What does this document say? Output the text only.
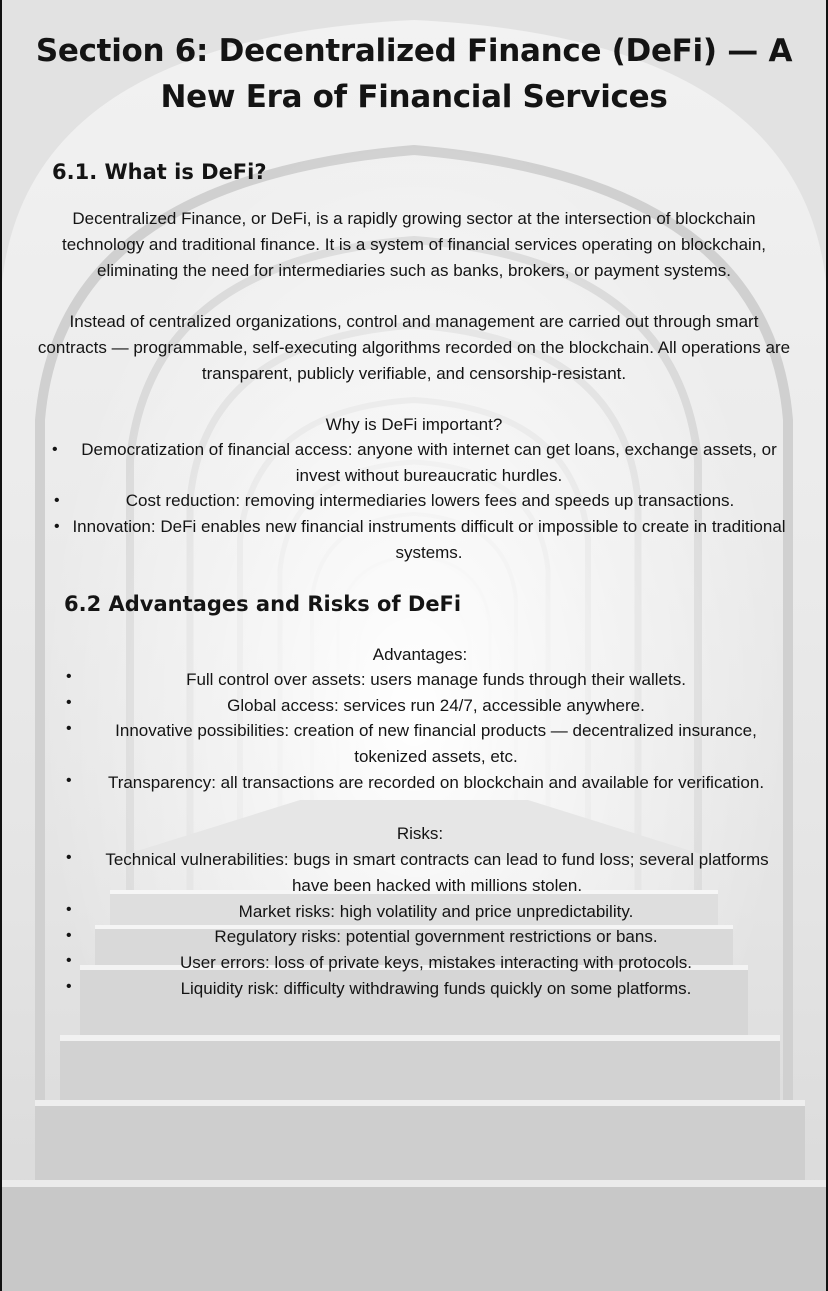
Section 6: Decentralized Finance (DeFi) — A New Era of Financial Services
6.1. What is DeFi?

Decentralized Finance, or DeFi, is a rapidly growing sector at the intersection of blockchain technology and traditional finance. It is a system of financial services operating on blockchain, eliminating the need for intermediaries such as banks, brokers, or payment systems.

Instead of centralized organizations, control and management are carried out through smart contracts — programmable, self-executing algorithms recorded on the blockchain. All operations are transparent, publicly verifiable, and censorship-resistant.

Why is DeFi important?

• Democratization of financial access: anyone with internet can get loans, exchange assets, or invest without bureaucratic hurdles.
•	Cost reduction: removing intermediaries lowers fees and speeds up transactions.
• Innovation: DeFi enables new financial instruments difficult or impossible to create in traditional systems.
6.2 Advantages and Risks of DeFi

Advantages:

•	Full control over assets: users manage funds through their wallets.
•	Global access: services run 24/7, accessible anywhere.
•	Innovative possibilities: creation of new financial products — decentralized insurance, tokenized assets, etc.
•	Transparency: all transactions are recorded on blockchain and available for verification.

Risks:

•	Technical vulnerabilities: bugs in smart contracts can lead to fund loss; several platforms have been hacked with millions stolen.
•	Market risks: high volatility and price unpredictability.
•	Regulatory risks: potential government restrictions or bans.
•	User errors: loss of private keys, mistakes interacting with protocols.
•	Liquidity risk: difficulty withdrawing funds quickly on some platforms.
